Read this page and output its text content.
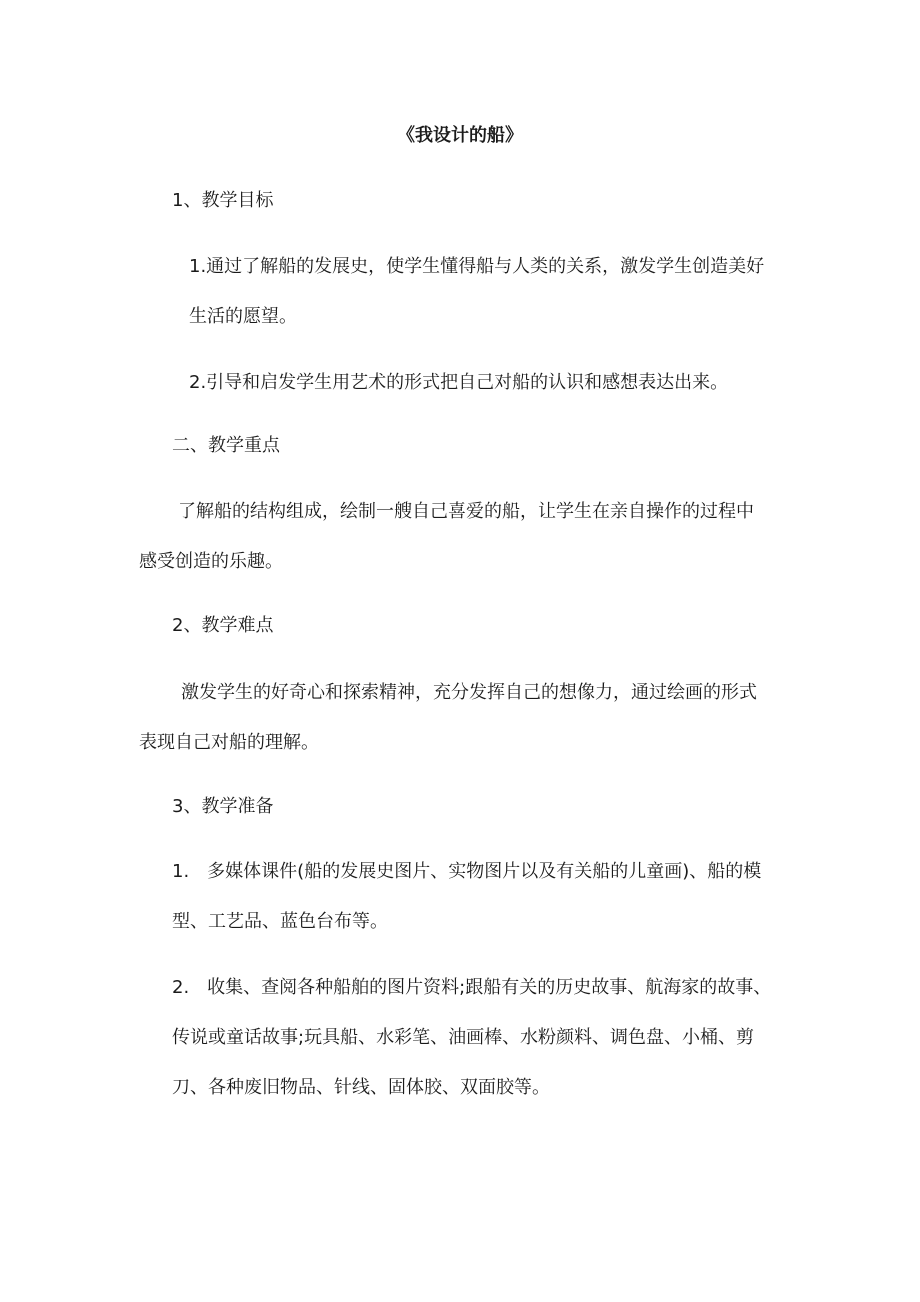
《我设计的船》

1、教学目标

1.通过了解船的发展史，使学生懂得船与人类的关系，激发学生创造美好

生活的愿望。

2.引导和启发学生用艺术的形式把自己对船的认识和感想表达出来。

二、教学重点

了解船的结构组成，绘制一艘自己喜爱的船，让学生在亲自操作的过程中

感受创造的乐趣。

2、教学难点

激发学生的好奇心和探索精神，充分发挥自己的想像力，通过绘画的形式

表现自己对船的理解。

3、教学准备

1.　多媒体课件(船的发展史图片、实物图片以及有关船的儿童画)、船的模

型、工艺品、蓝色台布等。

2.　收集、查阅各种船舶的图片资料;跟船有关的历史故事、航海家的故事、

传说或童话故事;玩具船、水彩笔、油画棒、水粉颜料、调色盘、小桶、剪

刀、各种废旧物品、针线、固体胶、双面胶等。
